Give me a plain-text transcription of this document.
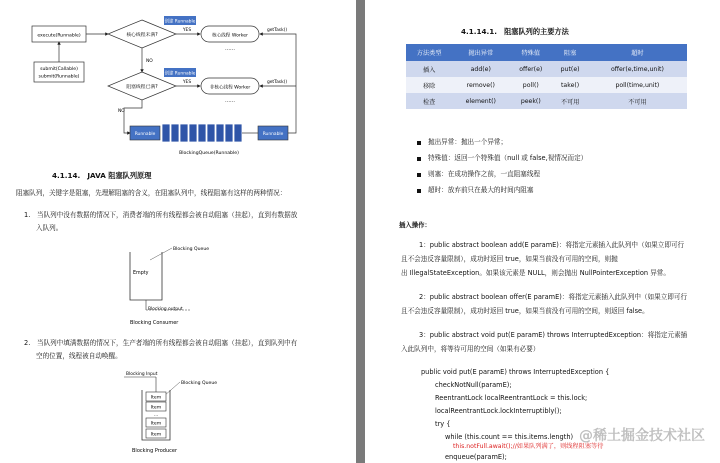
execute(Runnable)
submit(Callable)
submit(Runnable)
核心线程未满?
创建 Runnable
YES
核心线程 Worker
……
getTask()
NO
阻塞线程已满?
创建 Runnable
YES
非核心线程 Worker
……
getTask()
NO
Runnable	Runnable
BlockingQueue(Runnable)
4.1.14.　JAVA 阻塞队列原理
阻塞队列，关键字是阻塞，先理解阻塞的含义，在阻塞队列中，线程阻塞有这样的两种情况：
1.　当队列中没有数据的情况下，消费者端的所有线程都会被自动阻塞（挂起），直到有数据放
入队列。
Empty
Blocking Queue
Blocking output
Blocking Consumer
2.　当队列中填满数据的情况下，生产者端的所有线程都会被自动阻塞（挂起），直到队列中有
空的位置，线程被自动唤醒。
Blocking Input
Blocking Queue
Item
Item
…
Item
Item
Blocking Producer
4.1.14.1.　阻塞队列的主要方法
方法类型	抛出异常	特殊值	阻塞	超时
插入	add(e)	offer(e)	put(e)	offer(e,time,unit)
移除	remove()	poll()	take()	poll(time,unit)
检查	element()	peek()	不可用	不可用
抛出异常：抛出一个异常；
特殊值：返回一个特殊值（null 或 false,视情况而定）
则塞：在成功操作之前，一直阻塞线程
超时：放弃前只在最大的时间内阻塞
插入操作：
1：public abstract boolean add(E paramE)：将指定元素插入此队列中（如果立即可行
且不会违反容量限制），成功时返回 true，如果当前没有可用的空间，则抛
出 IllegalStateException。如果该元素是 NULL，则会抛出 NullPointerException 异常。
2：public abstract boolean offer(E paramE)：将指定元素插入此队列中（如果立即可行
且不会违反容量限制），成功时返回 true，如果当前没有可用的空间，则返回 false。
3：public abstract void put(E paramE) throws InterruptedException：将指定元素插
入此队列中，将等待可用的空间（如果有必要）
public void put(E paramE) throws InterruptedException {
checkNotNull(paramE);
ReentrantLock localReentrantLock = this.lock;
localReentrantLock.lockInterruptibly();
try {
while (this.count == this.items.length)
this.notFull.await();//如果队列满了，则线程阻塞等待
enqueue(paramE);
@稀土掘金技术社区
